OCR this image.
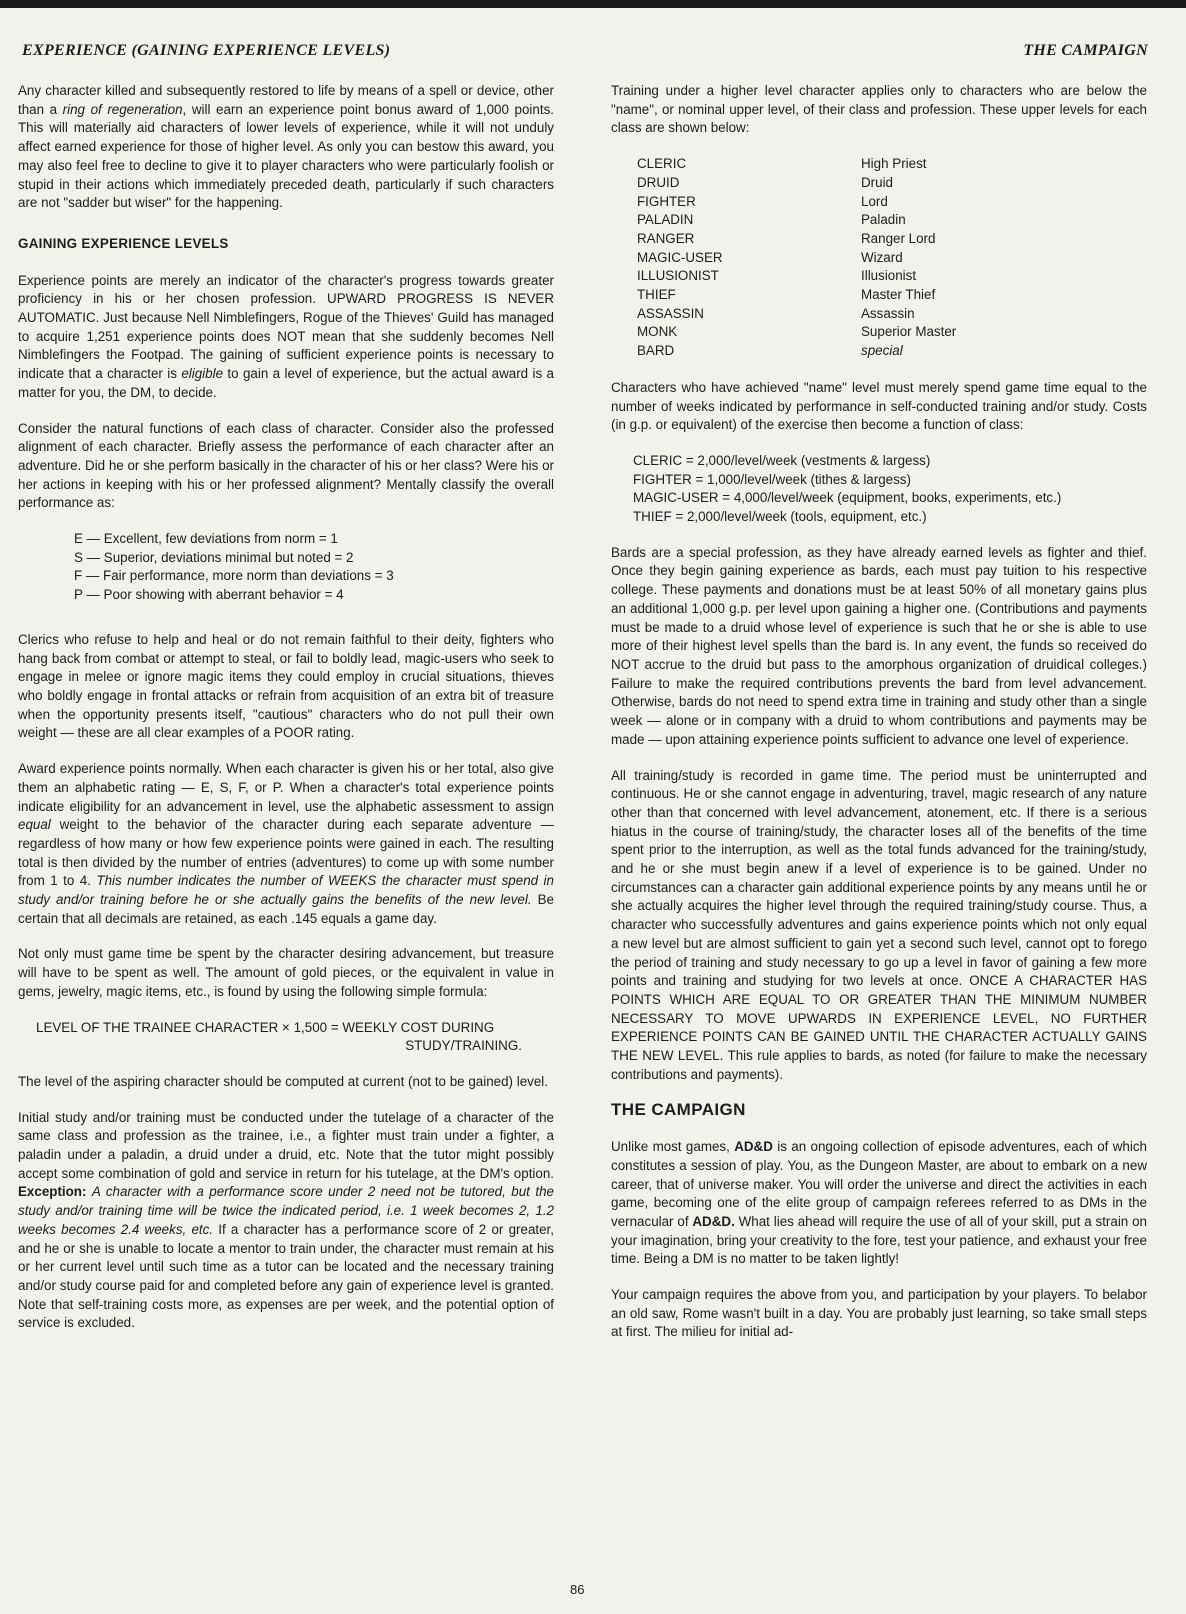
EXPERIENCE (GAINING EXPERIENCE LEVELS)	THE CAMPAIGN

Any character killed and subsequently restored to life by means of a spell or device, other than a ring of regeneration, will earn an experience point bonus award of 1,000 points. This will materially aid characters of lower levels of experience, while it will not unduly affect earned experience for those of higher level. As only you can bestow this award, you may also feel free to decline to give it to player characters who were particularly foolish or stupid in their actions which immediately preceded death, particularly if such characters are not "sadder but wiser" for the happening.

GAINING EXPERIENCE LEVELS

Experience points are merely an indicator of the character's progress towards greater proficiency in his or her chosen profession. UPWARD PROGRESS IS NEVER AUTOMATIC. Just because Nell Nimblefingers, Rogue of the Thieves' Guild has managed to acquire 1,251 experience points does NOT mean that she suddenly becomes Nell Nimblefingers the Footpad. The gaining of sufficient experience points is necessary to indicate that a character is eligible to gain a level of experience, but the actual award is a matter for you, the DM, to decide.

Consider the natural functions of each class of character. Consider also the professed alignment of each character. Briefly assess the performance of each character after an adventure. Did he or she perform basically in the character of his or her class? Were his or her actions in keeping with his or her professed alignment? Mentally classify the overall performance as:

E — Excellent, few deviations from norm = 1
S — Superior, deviations minimal but noted = 2
F — Fair performance, more norm than deviations = 3
P — Poor showing with aberrant behavior = 4

Clerics who refuse to help and heal or do not remain faithful to their deity, fighters who hang back from combat or attempt to steal, or fail to boldly lead, magic-users who seek to engage in melee or ignore magic items they could employ in crucial situations, thieves who boldly engage in frontal attacks or refrain from acquisition of an extra bit of treasure when the opportunity presents itself, "cautious" characters who do not pull their own weight — these are all clear examples of a POOR rating.

Award experience points normally. When each character is given his or her total, also give them an alphabetic rating — E, S, F, or P. When a character's total experience points indicate eligibility for an advancement in level, use the alphabetic assessment to assign equal weight to the behavior of the character during each separate adventure — regardless of how many or how few experience points were gained in each. The resulting total is then divided by the number of entries (adventures) to come up with some number from 1 to 4. This number indicates the number of WEEKS the character must spend in study and/or training before he or she actually gains the benefits of the new level. Be certain that all decimals are retained, as each .145 equals a game day.

Not only must game time be spent by the character desiring advancement, but treasure will have to be spent as well. The amount of gold pieces, or the equivalent in value in gems, jewelry, magic items, etc., is found by using the following simple formula:

LEVEL OF THE TRAINEE CHARACTER × 1,500 = WEEKLY COST DURING
STUDY/TRAINING.

The level of the aspiring character should be computed at current (not to be gained) level.

Initial study and/or training must be conducted under the tutelage of a character of the same class and profession as the trainee, i.e., a fighter must train under a fighter, a paladin under a paladin, a druid under a druid, etc. Note that the tutor might possibly accept some combination of gold and service in return for his tutelage, at the DM's option. Exception: A character with a performance score under 2 need not be tutored, but the study and/or training time will be twice the indicated period, i.e. 1 week becomes 2, 1.2 weeks becomes 2.4 weeks, etc. If a character has a performance score of 2 or greater, and he or she is unable to locate a mentor to train under, the character must remain at his or her current level until such time as a tutor can be located and the necessary training and/or study course paid for and completed before any gain of experience level is granted. Note that self-training costs more, as expenses are per week, and the potential option of service is excluded.

Training under a higher level character applies only to characters who are below the "name", or nominal upper level, of their class and profession. These upper levels for each class are shown below:

CLERIC	High Priest
DRUID	Druid
FIGHTER	Lord
PALADIN	Paladin
RANGER	Ranger Lord
MAGIC-USER	Wizard
ILLUSIONIST	Illusionist
THIEF	Master Thief
ASSASSIN	Assassin
MONK	Superior Master
BARD	special

Characters who have achieved "name" level must merely spend game time equal to the number of weeks indicated by performance in self-conducted training and/or study. Costs (in g.p. or equivalent) of the exercise then become a function of class:

CLERIC = 2,000/level/week (vestments & largess)
FIGHTER = 1,000/level/week (tithes & largess)
MAGIC-USER = 4,000/level/week (equipment, books, experiments, etc.)
THIEF = 2,000/level/week (tools, equipment, etc.)

Bards are a special profession, as they have already earned levels as fighter and thief. Once they begin gaining experience as bards, each must pay tuition to his respective college. These payments and donations must be at least 50% of all monetary gains plus an additional 1,000 g.p. per level upon gaining a higher one. (Contributions and payments must be made to a druid whose level of experience is such that he or she is able to use more of their highest level spells than the bard is. In any event, the funds so received do NOT accrue to the druid but pass to the amorphous organization of druidical colleges.) Failure to make the required contributions prevents the bard from level advancement. Otherwise, bards do not need to spend extra time in training and study other than a single week — alone or in company with a druid to whom contributions and payments may be made — upon attaining experience points sufficient to advance one level of experience.

All training/study is recorded in game time. The period must be uninterrupted and continuous. He or she cannot engage in adventuring, travel, magic research of any nature other than that concerned with level advancement, atonement, etc. If there is a serious hiatus in the course of training/study, the character loses all of the benefits of the time spent prior to the interruption, as well as the total funds advanced for the training/study, and he or she must begin anew if a level of experience is to be gained. Under no circumstances can a character gain additional experience points by any means until he or she actually acquires the higher level through the required training/study course. Thus, a character who successfully adventures and gains experience points which not only equal a new level but are almost sufficient to gain yet a second such level, cannot opt to forego the period of training and study necessary to go up a level in favor of gaining a few more points and training and studying for two levels at once. ONCE A CHARACTER HAS POINTS WHICH ARE EQUAL TO OR GREATER THAN THE MINIMUM NUMBER NECESSARY TO MOVE UPWARDS IN EXPERIENCE LEVEL, NO FURTHER EXPERIENCE POINTS CAN BE GAINED UNTIL THE CHARACTER ACTUALLY GAINS THE NEW LEVEL. This rule applies to bards, as noted (for failure to make the necessary contributions and payments).

THE CAMPAIGN

Unlike most games, AD&D is an ongoing collection of episode adventures, each of which constitutes a session of play. You, as the Dungeon Master, are about to embark on a new career, that of universe maker. You will order the universe and direct the activities in each game, becoming one of the elite group of campaign referees referred to as DMs in the vernacular of AD&D. What lies ahead will require the use of all of your skill, put a strain on your imagination, bring your creativity to the fore, test your patience, and exhaust your free time. Being a DM is no matter to be taken lightly!

Your campaign requires the above from you, and participation by your players. To belabor an old saw, Rome wasn't built in a day. You are probably just learning, so take small steps at first. The milieu for initial ad-

86
